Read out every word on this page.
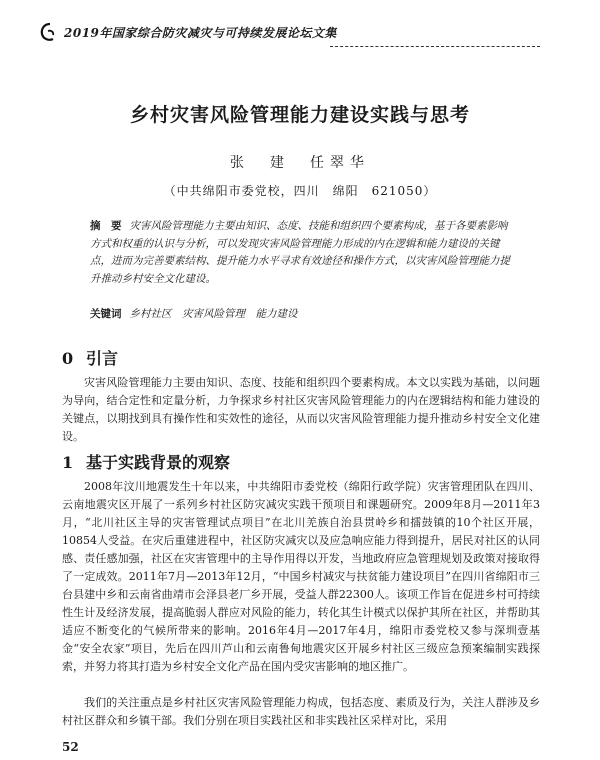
2019年国家综合防灾减灾与可持续发展论坛文集
乡村灾害风险管理能力建设实践与思考
张　建　任翠华
（中共绵阳市委党校，四川　绵阳　621050）
摘　要 灾害风险管理能力主要由知识、态度、技能和组织四个要素构成，基于各要素影响方式和权重的认识与分析，可以发现灾害风险管理能力形成的内在逻辑和能力建设的关键点，进而为完善要素结构、提升能力水平寻求有效途径和操作方式，以灾害风险管理能力提升推动乡村安全文化建设。
关键词 乡村社区　灾害风险管理　能力建设
0 引言
灾害风险管理能力主要由知识、态度、技能和组织四个要素构成。本文以实践为基础，以问题为导向，结合定性和定量分析，力争探求乡村社区灾害风险管理能力的内在逻辑结构和能力建设的关键点，以期找到具有操作性和实效性的途径，从而以灾害风险管理能力提升推动乡村安全文化建设。
1 基于实践背景的观察
2008年汶川地震发生十年以来，中共绵阳市委党校（绵阳行政学院）灾害管理团队在四川、云南地震灾区开展了一系列乡村社区防灾减灾实践干预项目和课题研究。2009年8月—2011年3月，“北川社区主导的灾害管理试点项目”在北川羌族自治县贯岭乡和擂鼓镇的10个社区开展，10854人受益。在灾后重建进程中，社区防灾减灾以及应急响应能力得到提升，居民对社区的认同感、责任感加强，社区在灾害管理中的主导作用得以开发，当地政府应急管理规划及政策对接取得了一定成效。2011年7月—2013年12月，“中国乡村减灾与扶贫能力建设项目”在四川省绵阳市三台县建中乡和云南省曲靖市会泽县老厂乡开展，受益人群22300人。该项工作旨在促进乡村可持续性生计及经济发展，提高脆弱人群应对风险的能力，转化其生计模式以保护其所在社区，并帮助其适应不断变化的气候所带来的影响。2016年4月—2017年4月，绵阳市委党校又参与深圳壹基金“安全农家”项目，先后在四川芦山和云南鲁甸地震灾区开展乡村社区三级应急预案编制实践探索，并努力将其打造为乡村安全文化产品在国内受灾害影响的地区推广。
我们的关注重点是乡村社区灾害风险管理能力构成，包括态度、素质及行为，关注人群涉及乡村社区群众和乡镇干部。我们分别在项目实践社区和非实践社区采样对比，采用
52
